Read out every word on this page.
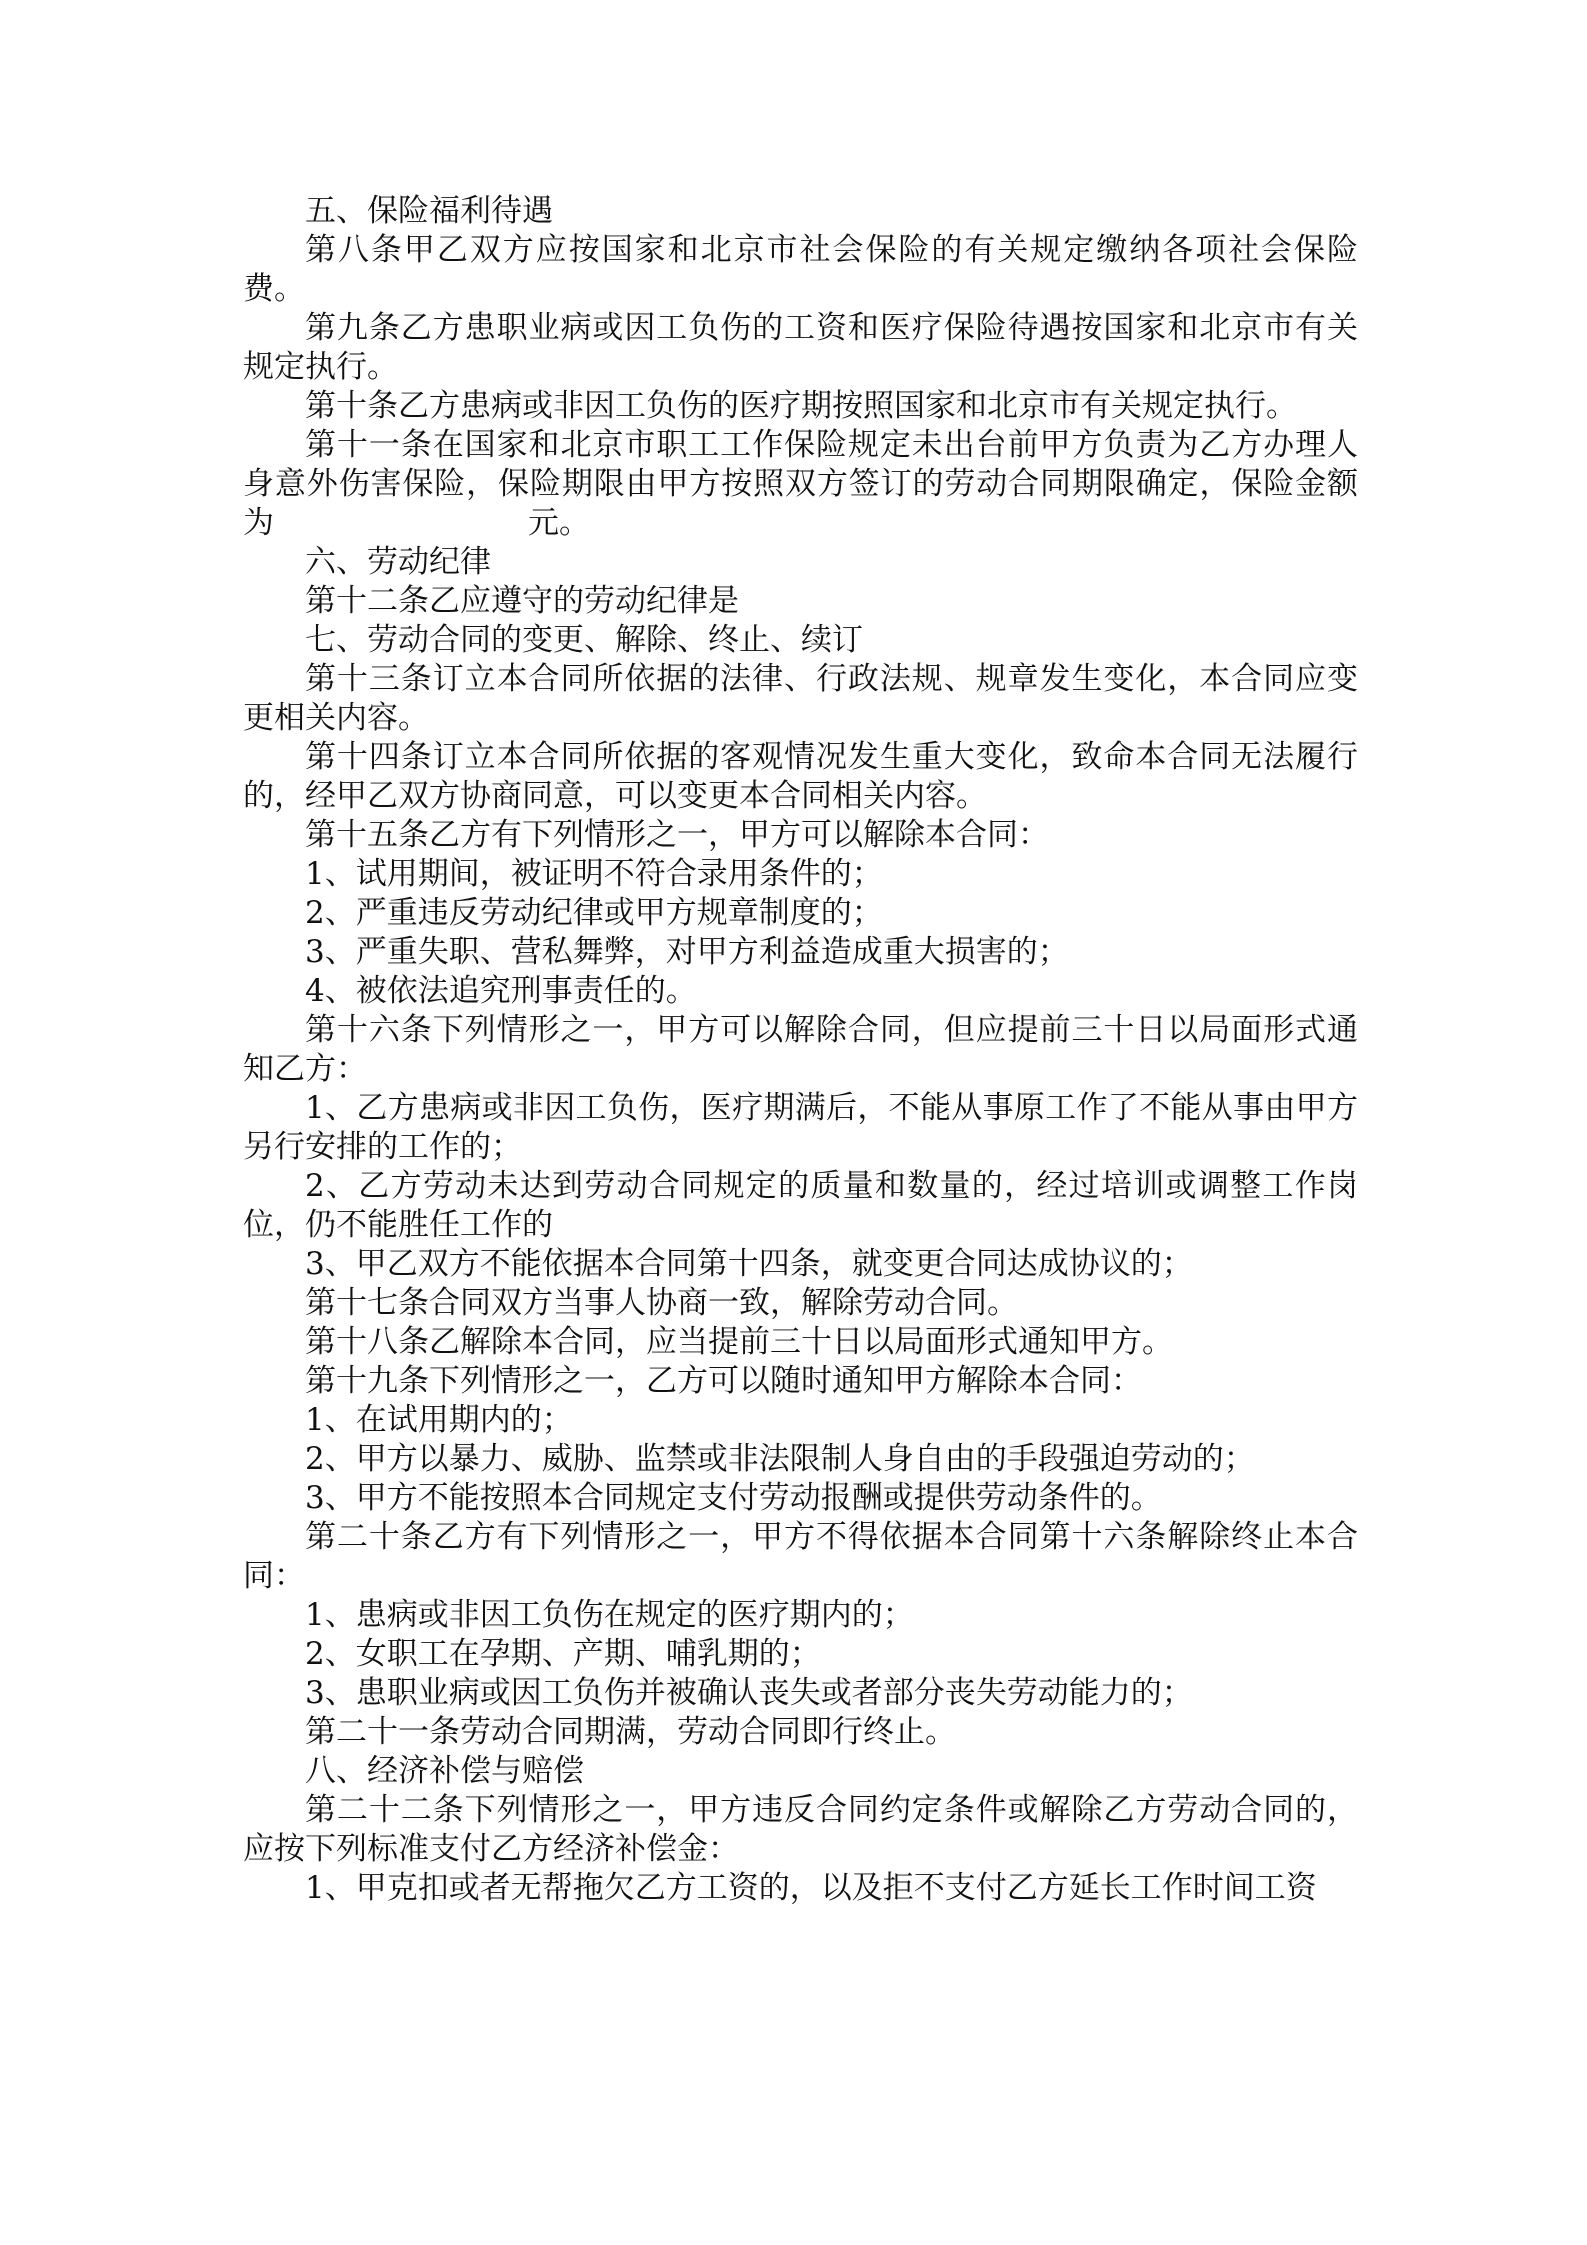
五、保险福利待遇

第八条甲乙双方应按国家和北京市社会保险的有关规定缴纳各项社会保险费。

第九条乙方患职业病或因工负伤的工资和医疗保险待遇按国家和北京市有关规定执行。

第十条乙方患病或非因工负伤的医疗期按照国家和北京市有关规定执行。

第十一条在国家和北京市职工工作保险规定未出台前甲方负责为乙方办理人身意外伤害保险，保险期限由甲方按照双方签订的劳动合同期限确定，保险金额为	元。

六、劳动纪律

第十二条乙应遵守的劳动纪律是

七、劳动合同的变更、解除、终止、续订

第十三条订立本合同所依据的法律、行政法规、规章发生变化，本合同应变更相关内容。

第十四条订立本合同所依据的客观情况发生重大变化，致命本合同无法履行的，经甲乙双方协商同意，可以变更本合同相关内容。

第十五条乙方有下列情形之一，甲方可以解除本合同：

1、试用期间，被证明不符合录用条件的；

2、严重违反劳动纪律或甲方规章制度的；

3、严重失职、营私舞弊，对甲方利益造成重大损害的；

4、被依法追究刑事责任的。

第十六条下列情形之一，甲方可以解除合同，但应提前三十日以局面形式通知乙方：

1、乙方患病或非因工负伤，医疗期满后，不能从事原工作了不能从事由甲方另行安排的工作的；

2、乙方劳动未达到劳动合同规定的质量和数量的，经过培训或调整工作岗位，仍不能胜任工作的

3、甲乙双方不能依据本合同第十四条，就变更合同达成协议的；

第十七条合同双方当事人协商一致，解除劳动合同。

第十八条乙解除本合同，应当提前三十日以局面形式通知甲方。

第十九条下列情形之一，乙方可以随时通知甲方解除本合同：

1、在试用期内的；

2、甲方以暴力、威胁、监禁或非法限制人身自由的手段强迫劳动的；

3、甲方不能按照本合同规定支付劳动报酬或提供劳动条件的。

第二十条乙方有下列情形之一，甲方不得依据本合同第十六条解除终止本合同：

1、患病或非因工负伤在规定的医疗期内的；

2、女职工在孕期、产期、哺乳期的；

3、患职业病或因工负伤并被确认丧失或者部分丧失劳动能力的；

第二十一条劳动合同期满，劳动合同即行终止。

八、经济补偿与赔偿

第二十二条下列情形之一，甲方违反合同约定条件或解除乙方劳动合同的，应按下列标准支付乙方经济补偿金：

1、甲克扣或者无帮拖欠乙方工资的，以及拒不支付乙方延长工作时间工资
